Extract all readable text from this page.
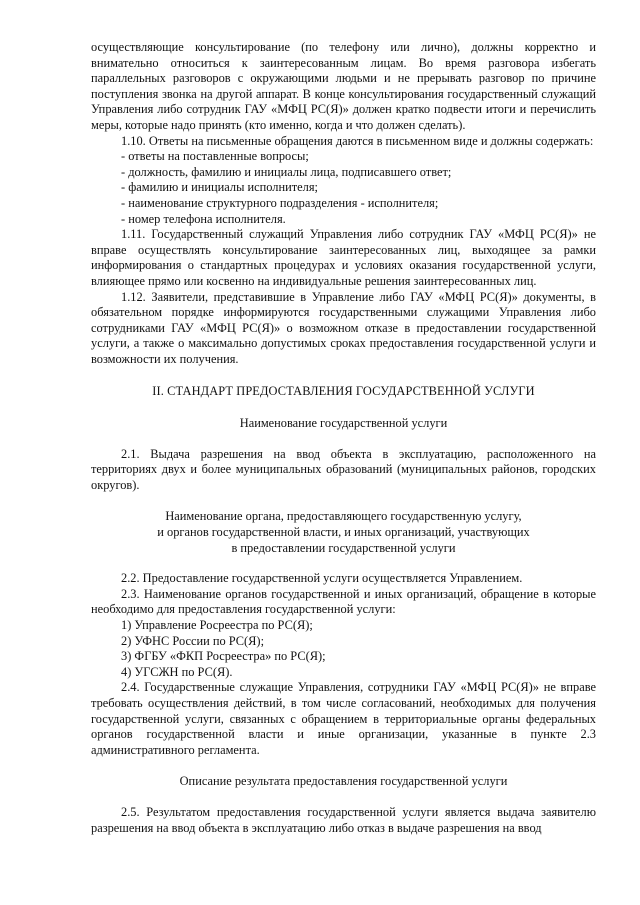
осуществляющие консультирование (по телефону или лично), должны корректно и внимательно относиться к заинтересованным лицам. Во время разговора избегать параллельных разговоров с окружающими людьми и не прерывать разговор по причине поступления звонка на другой аппарат. В конце консультирования государственный служащий Управления либо сотрудник ГАУ «МФЦ РС(Я)» должен кратко подвести итоги и перечислить меры, которые надо принять (кто именно, когда и что должен сделать).

1.10. Ответы на письменные обращения даются в письменном виде и должны содержать:

- ответы на поставленные вопросы;
- должность, фамилию и инициалы лица, подписавшего ответ;
- фамилию и инициалы исполнителя;
- наименование структурного подразделения - исполнителя;
- номер телефона исполнителя.

1.11. Государственный служащий Управления либо сотрудник ГАУ «МФЦ РС(Я)» не вправе осуществлять консультирование заинтересованных лиц, выходящее за рамки информирования о стандартных процедурах и условиях оказания государственной услуги, влияющее прямо или косвенно на индивидуальные решения заинтересованных лиц.

1.12. Заявители, представившие в Управление либо ГАУ «МФЦ РС(Я)» документы, в обязательном порядке информируются государственными служащими Управления либо сотрудниками ГАУ «МФЦ РС(Я)» о возможном отказе в предоставлении государственной услуги, а также о максимально допустимых сроках предоставления государственной услуги и возможности их получения.

II. СТАНДАРТ ПРЕДОСТАВЛЕНИЯ ГОСУДАРСТВЕННОЙ УСЛУГИ
Наименование государственной услуги

2.1. Выдача разрешения на ввод объекта в эксплуатацию, расположенного на территориях двух и более муниципальных образований (муниципальных районов, городских округов).

Наименование органа, предоставляющего государственную услугу,
и органов государственной власти, и иных организаций, участвующих
в предоставлении государственной услуги

2.2. Предоставление государственной услуги осуществляется Управлением.

2.3. Наименование органов государственной и иных организаций, обращение в которые необходимо для предоставления государственной услуги:

1) Управление Росреестра по РС(Я);
2) УФНС России по РС(Я);
3) ФГБУ «ФКП Росреестра» по РС(Я);
4) УГСЖН по РС(Я).

2.4. Государственные служащие Управления, сотрудники ГАУ «МФЦ РС(Я)» не вправе требовать осуществления действий, в том числе согласований, необходимых для получения государственной услуги, связанных с обращением в территориальные органы федеральных органов государственной власти и иные организации, указанные в пункте 2.3 административного регламента.

Описание результата предоставления государственной услуги

2.5. Результатом предоставления государственной услуги является выдача заявителю разрешения на ввод объекта в эксплуатацию либо отказ в выдаче разрешения на ввод
